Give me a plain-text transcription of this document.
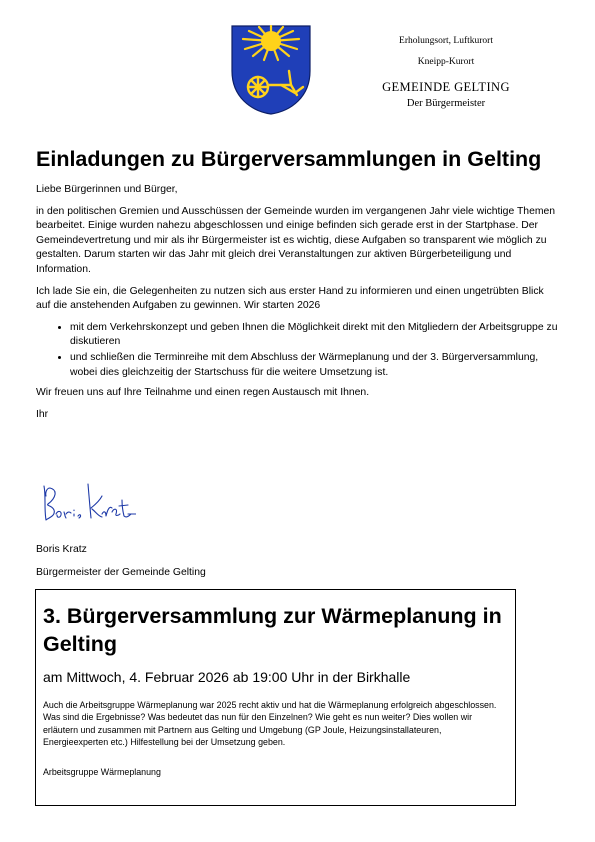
Erholungsort, Luftkurort

Kneipp-Kurort

GEMEINDE GELTING

Der Bürgermeister

Einladungen zu Bürgerversammlungen in Gelting

Liebe Bürgerinnen und Bürger,

in den politischen Gremien und Ausschüssen der Gemeinde wurden im vergangenen Jahr viele wichtige Themen bearbeitet. Einige wurden nahezu abgeschlossen und einige befinden sich gerade erst in der Startphase. Der Gemeindevertretung und mir als ihr Bürgermeister ist es wichtig, diese Aufgaben so transparent wie möglich zu gestalten. Darum starten wir das Jahr mit gleich drei Veranstaltungen zur aktiven Bürgerbeteiligung und Information.

Ich lade Sie ein, die Gelegenheiten zu nutzen sich aus erster Hand zu informieren und einen ungetrübten Blick auf die anstehenden Aufgaben zu gewinnen. Wir starten 2026

• mit dem Verkehrskonzept und geben Ihnen die Möglichkeit direkt mit den Mitgliedern der Arbeitsgruppe zu diskutieren
• und schließen die Terminreihe mit dem Abschluss der Wärmeplanung und der 3. Bürgerversammlung, wobei dies gleichzeitig der Startschuss für die weitere Umsetzung ist.

Wir freuen uns auf Ihre Teilnahme und einen regen Austausch mit Ihnen.

Ihr

Boris Kratz

Bürgermeister der Gemeinde Gelting

3. Bürgerversammlung zur Wärmeplanung in Gelting

am Mittwoch, 4. Februar 2026 ab 19:00 Uhr in der Birkhalle

Auch die Arbeitsgruppe Wärmeplanung war 2025 recht aktiv und hat die Wärmeplanung erfolgreich abgeschlossen. Was sind die Ergebnisse? Was bedeutet das nun für den Einzelnen? Wie geht es nun weiter? Dies wollen wir erläutern und zusammen mit Partnern aus Gelting und Umgebung (GP Joule, Heizungsinstallateuren, Energieexperten etc.) Hilfestellung bei der Umsetzung geben.

Arbeitsgruppe Wärmeplanung
